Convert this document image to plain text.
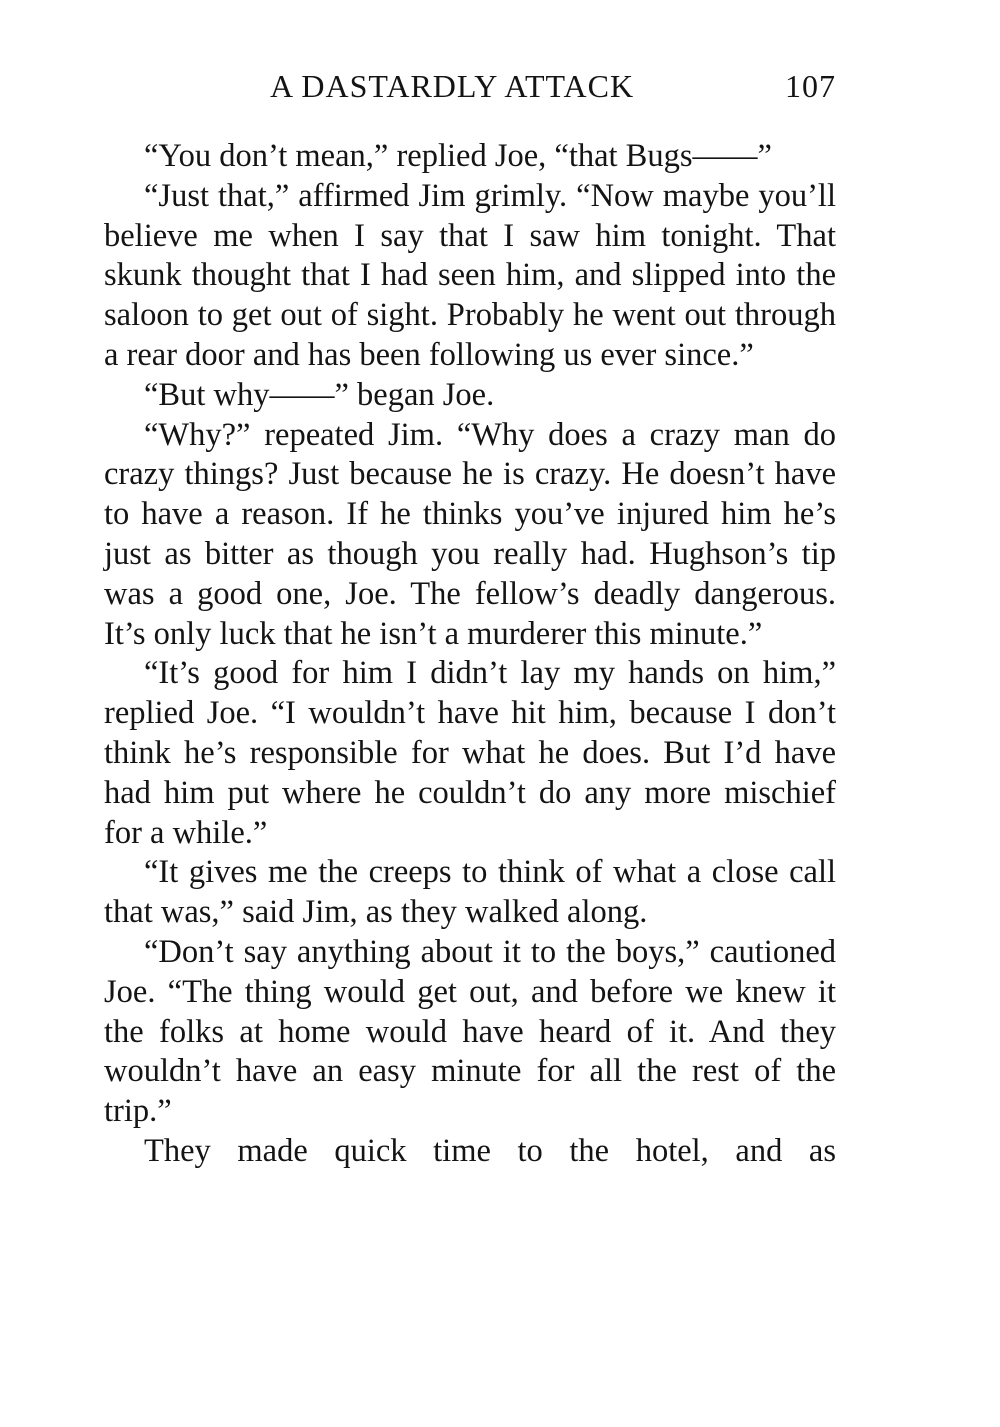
A DASTARDLY ATTACK	107

“You don’t mean,” replied Joe, “that Bugs——”

“Just that,” affirmed Jim grimly. “Now maybe you’ll believe me when I say that I saw him tonight. That skunk thought that I had seen him, and slipped into the saloon to get out of sight. Probably he went out through a rear door and has been following us ever since.”

“But why——” began Joe.

“Why?” repeated Jim. “Why does a crazy man do crazy things? Just because he is crazy. He doesn’t have to have a reason. If he thinks you’ve injured him he’s just as bitter as though you really had. Hughson’s tip was a good one, Joe. The fellow’s deadly dangerous. It’s only luck that he isn’t a murderer this minute.”

“It’s good for him I didn’t lay my hands on him,” replied Joe. “I wouldn’t have hit him, because I don’t think he’s responsible for what he does. But I’d have had him put where he couldn’t do any more mischief for a while.”

“It gives me the creeps to think of what a close call that was,” said Jim, as they walked along.

“Don’t say anything about it to the boys,” cautioned Joe. “The thing would get out, and before we knew it the folks at home would have heard of it. And they wouldn’t have an easy minute for all the rest of the trip.”

They made quick time to the hotel, and as
